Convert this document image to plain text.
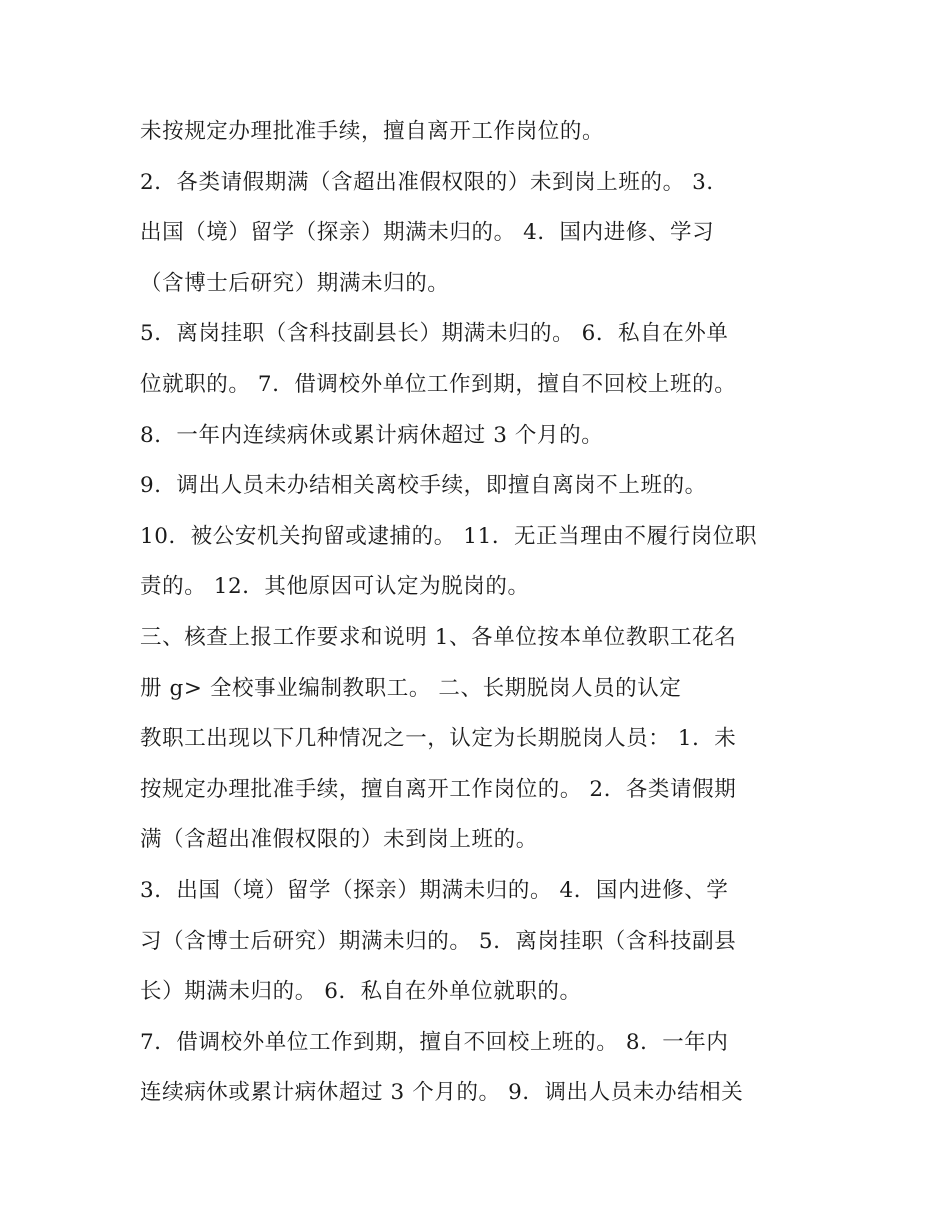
未按规定办理批准手续，擅自离开工作岗位的。
2．各类请假期满（含超出准假权限的）未到岗上班的。 3．
出国（境）留学（探亲）期满未归的。 4．国内进修、学习
（含博士后研究）期满未归的。
5．离岗挂职（含科技副县长）期满未归的。 6．私自在外单
位就职的。 7．借调校外单位工作到期，擅自不回校上班的。
8．一年内连续病休或累计病休超过 3 个月的。
9．调出人员未办结相关离校手续，即擅自离岗不上班的。
10．被公安机关拘留或逮捕的。 11．无正当理由不履行岗位职
责的。 12．其他原因可认定为脱岗的。
三、核查上报工作要求和说明 1、各单位按本单位教职工花名
册 g> 全校事业编制教职工。 二、长期脱岗人员的认定
教职工出现以下几种情况之一，认定为长期脱岗人员： 1．未
按规定办理批准手续，擅自离开工作岗位的。 2．各类请假期
满（含超出准假权限的）未到岗上班的。
3．出国（境）留学（探亲）期满未归的。 4．国内进修、学
习（含博士后研究）期满未归的。 5．离岗挂职（含科技副县
长）期满未归的。 6．私自在外单位就职的。
7．借调校外单位工作到期，擅自不回校上班的。 8．一年内
连续病休或累计病休超过 3 个月的。 9．调出人员未办结相关
